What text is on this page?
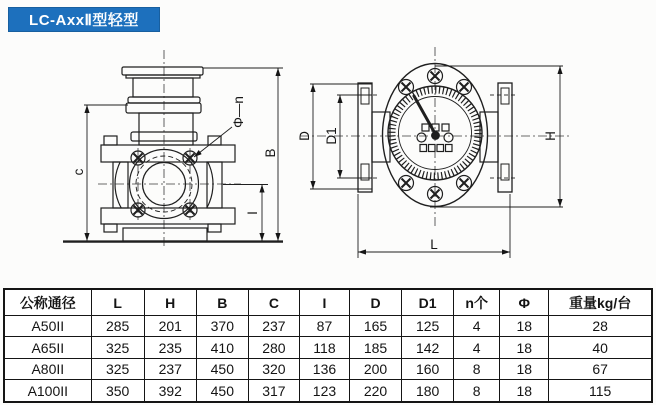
LC-AxxⅡ型轻型
c
B
I
Φ—n
D D1	H
L
公称通径	L	H	B	C	I	D	D1	n个	Φ	重量kg/台
A50II	285	201	370	237	87	165	125	4	18	28
A65II	325	235	410	280	118	185	142	4	18	40
A80II	325	237	450	320	136	200	160	8	18	67
A100II	350	392	450	317	123	220	180	8	18	115
